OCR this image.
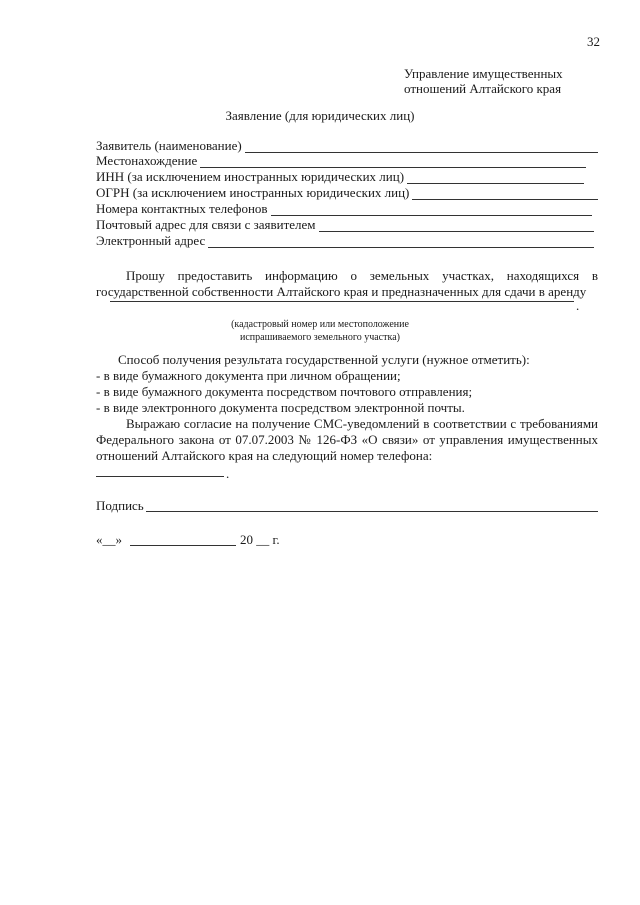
32
Управление имущественных
отношений Алтайского края
Заявление (для юридических лиц)
Заявитель (наименование)
Местонахождение
ИНН (за исключением иностранных юридических лиц)
ОГРН (за исключением иностранных юридических лиц)
Номера контактных телефонов
Почтовый адрес для связи с заявителем
Электронный адрес
Прошу предоставить информацию о земельных участках, находящихся в государственной собственности Алтайского края и предназначенных для сдачи в аренду
.
(кадастровый номер или местоположение
испрашиваемого земельного участка)
Способ получения результата государственной услуги (нужное отметить):
- в виде бумажного документа при личном обращении;
- в виде бумажного документа посредством почтового отправления;
- в виде электронного документа посредством электронной почты.
Выражаю согласие на получение СМС-уведомлений в соответствии с требованиями Федерального закона от 07.07.2003 № 126-ФЗ «О связи» от управления имущественных отношений Алтайского края на следующий номер телефона:
.
Подпись
«__»	20 __ г.
